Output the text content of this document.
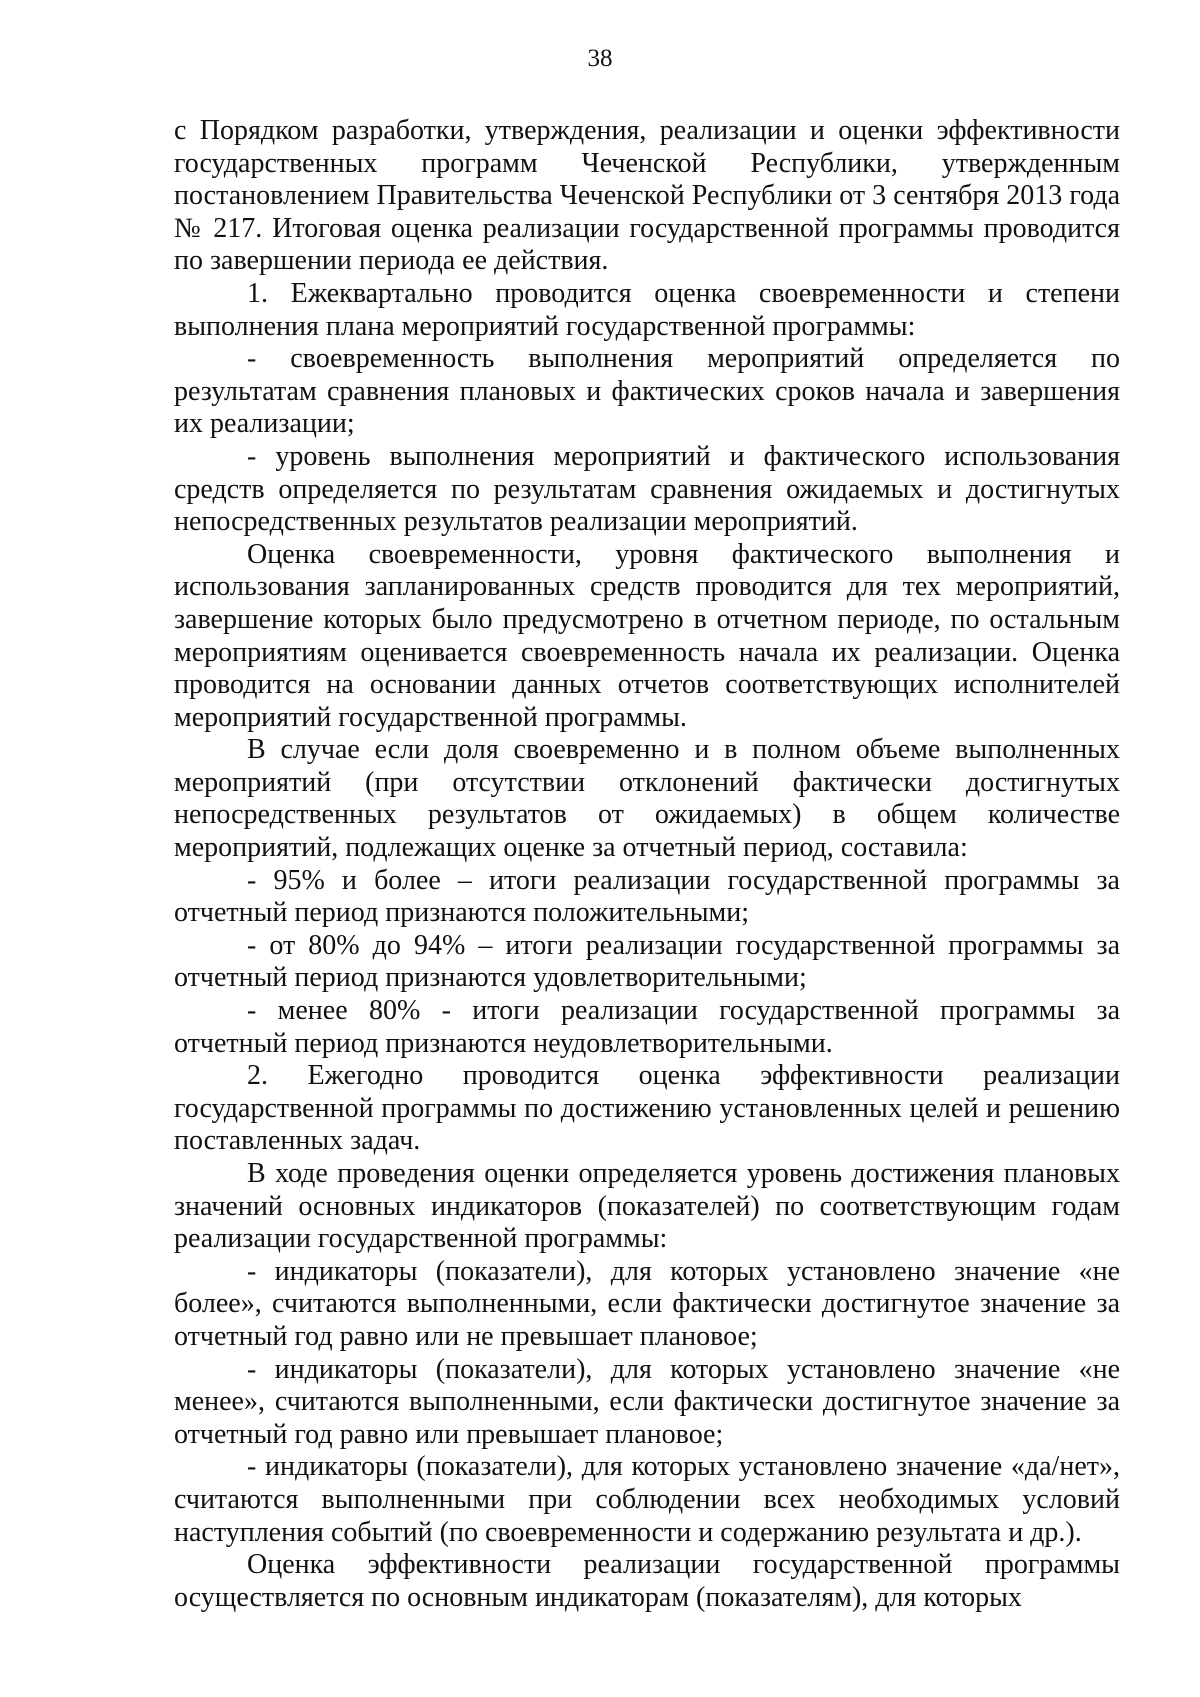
38

с Порядком разработки, утверждения, реализации и оценки эффективности государственных программ Чеченской Республики, утвержденным постановлением Правительства Чеченской Республики от 3 сентября 2013 года № 217. Итоговая оценка реализации государственной программы проводится по завершении периода ее действия.

1. Ежеквартально проводится оценка своевременности и степени выполнения плана мероприятий государственной программы:

- своевременность выполнения мероприятий определяется по результатам сравнения плановых и фактических сроков начала и завершения их реализации;

- уровень выполнения мероприятий и фактического использования средств определяется по результатам сравнения ожидаемых и достигнутых непосредственных результатов реализации мероприятий.

Оценка своевременности, уровня фактического выполнения и использования запланированных средств проводится для тех мероприятий, завершение которых было предусмотрено в отчетном периоде, по остальным мероприятиям оценивается своевременность начала их реализации. Оценка проводится на основании данных отчетов соответствующих исполнителей мероприятий государственной программы.

В случае если доля своевременно и в полном объеме выполненных мероприятий (при отсутствии отклонений фактически достигнутых непосредственных результатов от ожидаемых) в общем количестве мероприятий, подлежащих оценке за отчетный период, составила:

- 95% и более – итоги реализации государственной программы за отчетный период признаются положительными;

- от 80% до 94% – итоги реализации государственной программы за отчетный период признаются удовлетворительными;

- менее 80% - итоги реализации государственной программы за отчетный период признаются неудовлетворительными.

2. Ежегодно проводится оценка эффективности реализации государственной программы по достижению установленных целей и решению поставленных задач.

В ходе проведения оценки определяется уровень достижения плановых значений основных индикаторов (показателей) по соответствующим годам реализации государственной программы:

- индикаторы (показатели), для которых установлено значение «не более», считаются выполненными, если фактически достигнутое значение за отчетный год равно или не превышает плановое;

- индикаторы (показатели), для которых установлено значение «не менее», считаются выполненными, если фактически достигнутое значение за отчетный год равно или превышает плановое;

- индикаторы (показатели), для которых установлено значение «да/нет», считаются выполненными при соблюдении всех необходимых условий наступления событий (по своевременности и содержанию результата и др.).

Оценка эффективности реализации государственной программы осуществляется по основным индикаторам (показателям), для которых
